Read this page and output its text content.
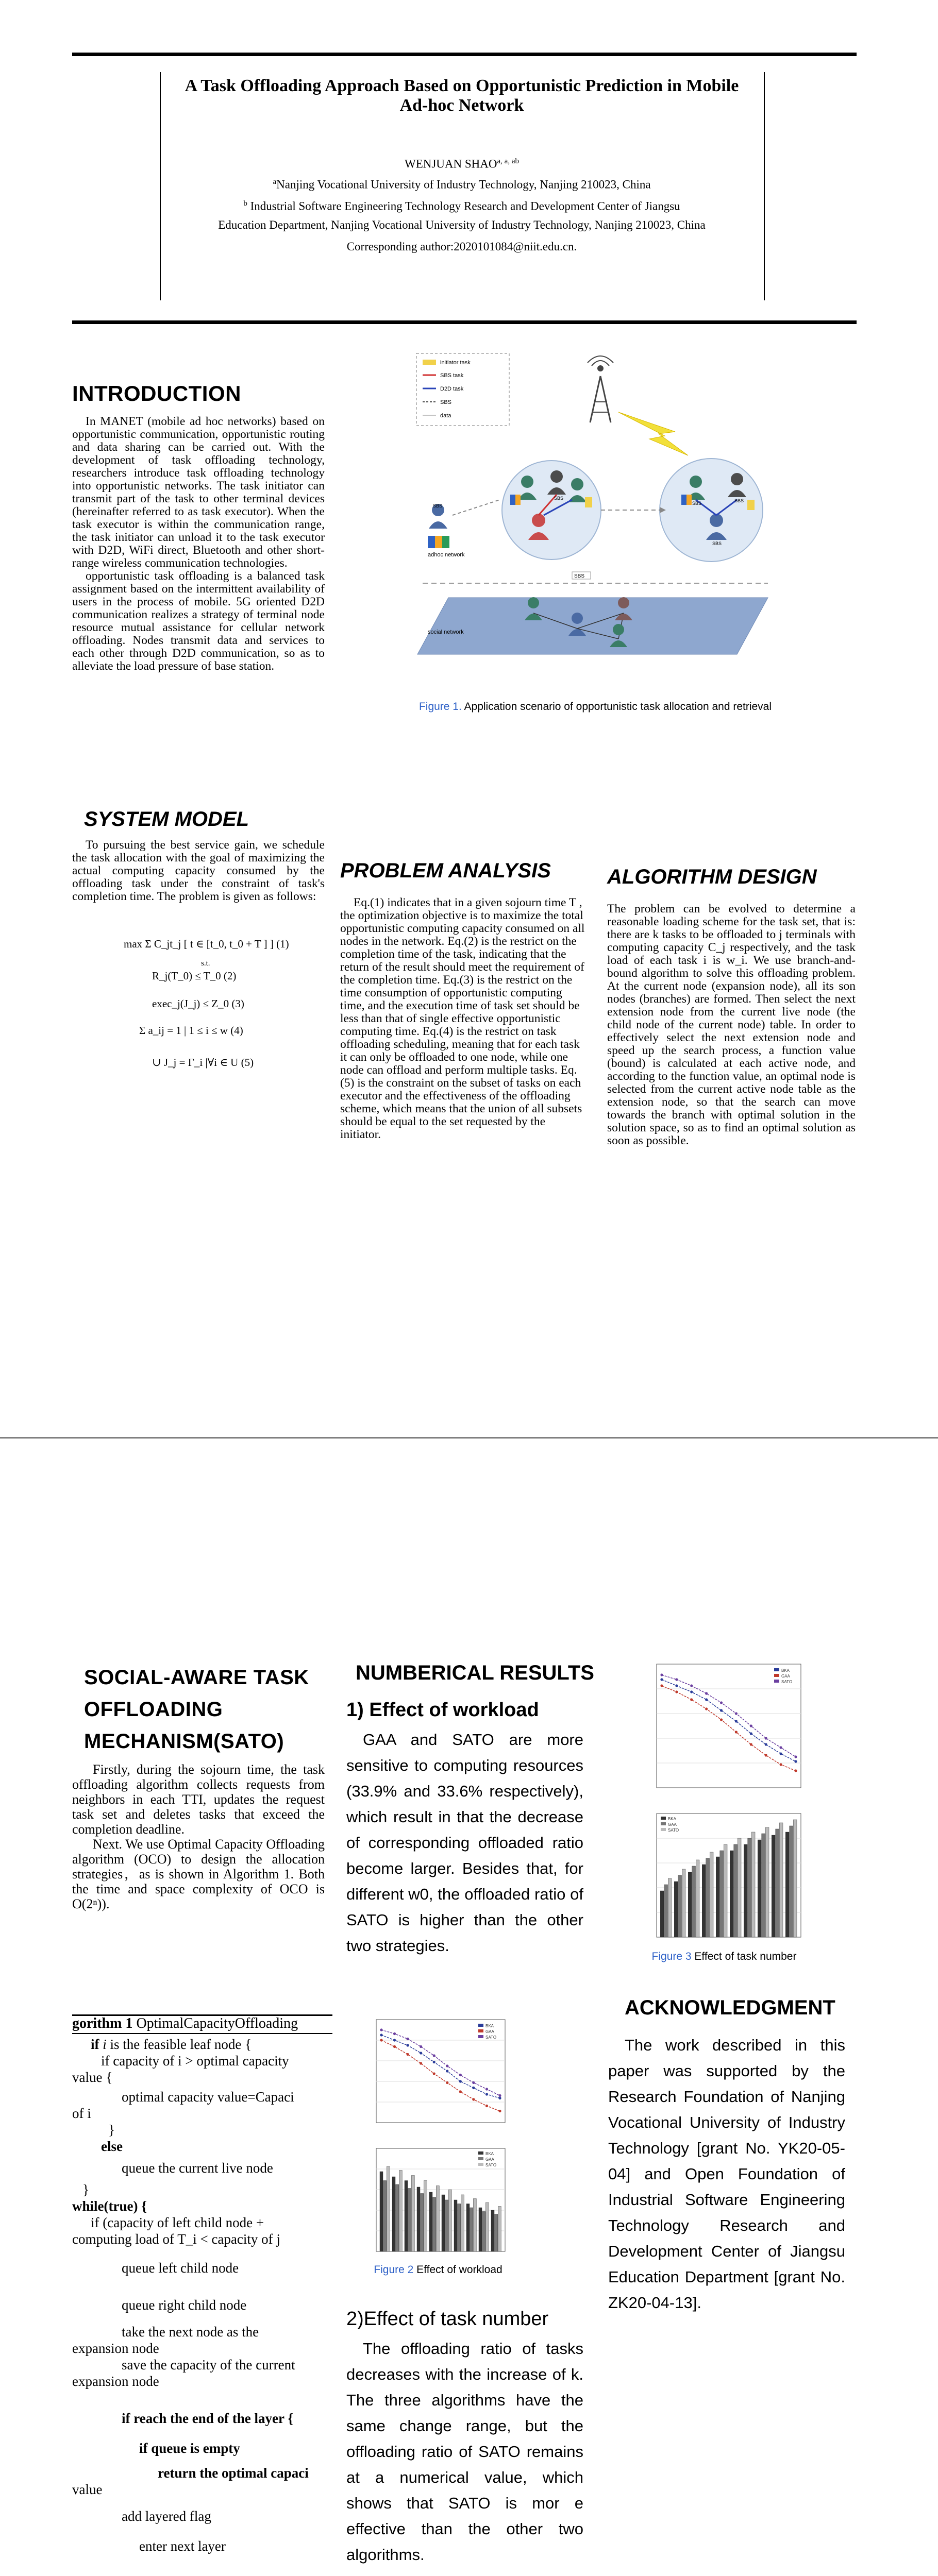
A Task Offloading Approach Based on Opportunistic Prediction in Mobile
Ad-hoc Network
WENJUAN $SHAO^{a, a, ab}$
$^a$Nanjing Vocational University of Industry Technology, Nanjing 210023, China
$^b$ Industrial Software Engineering Technology Research and Development Center of Jiangsu
Education Department, Nanjing Vocational University of Industry Technology, Nanjing 210023, China
Corresponding author:2020101084@niit.edu.cn.
INTRODUCTION

In MANET (mobile ad hoc networks) based on opportunistic communication, opportunistic routing and data sharing can be carried out. With the development of task offloading technology, researchers introduce task offloading technology into opportunistic networks. The task initiator can transmit part of the task to other terminal devices (hereinafter referred to as task executor). When the task executor is within the communication range, the task initiator can unload it to the task executor with D2D, WiFi direct, Bluetooth and other short-range wireless communication technologies.

opportunistic task offloading is a balanced task assignment based on the intermittent availability of users in the process of mobile. 5G oriented D2D communication realizes a strategy of terminal node resource mutual assistance for cellular network offloading. Nodes transmit data and services to each other through D2D communication, so as to alleviate the load pressure of base station.

initiator task
SBS task
D2D task
SBS
data
SBS
adhoc network
social network
SBS
SBS
SBS	SBS
SBS
Figure 1. Application scenario of opportunistic task allocation and retrieval
SYSTEM MODEL

To pursuing the best service gain, we schedule the task allocation with the goal of maximizing the actual computing capacity consumed by the offloading task under the constraint of task's completion time. The problem is given as follows:

max Σ C_jt_j [ t ∈ [t_0, t_0 + T ] ] (1)
s.t.
R_j(T_0) ≤ T_0 (2)
exec_j(J_j) ≤ Z_0 (3)
Σ a_ij = 1 | 1 ≤ i ≤ w (4)
∪ J_j = Γ_i |∀i ∈ U (5)
PROBLEM ANALYSIS

Eq.(1) indicates that in a given sojourn time T , the optimization objective is to maximize the total opportunistic computing capacity consumed on all nodes in the network. Eq.(2) is the restrict on the completion time of the task, indicating that the return of the result should meet the requirement of the completion time. Eq.(3) is the restrict on the time consumption of opportunistic computing time, and the execution time of task set should be less than that of single effective opportunistic computing time. Eq.(4) is the restrict on task offloading scheduling, meaning that for each task it can only be offloaded to one node, while one node can offload and perform multiple tasks. Eq.(5) is the constraint on the subset of tasks on each executor and the effectiveness of the offloading scheme, which means that the union of all subsets should be equal to the set requested by the initiator.

ALGORITHM DESIGN

The problem can be evolved to determine a reasonable loading scheme for the task set, that is: there are k tasks to be offloaded to j terminals with computing capacity C_j respectively, and the task load of each task i is w_i. We use branch-and-bound algorithm to solve this offloading problem. At the current node (expansion node), all its son nodes (branches) are formed. Then select the next extension node from the current live node (the child node of the current node) table. In order to effectively select the next extension node and speed up the search process, a function value (bound) is calculated at each active node, and according to the function value, an optimal node is selected from the current active node table as the extension node, so that the search can move towards the branch with optimal solution in the solution space, so as to find an optimal solution as soon as possible.

SOCIAL-AWARE TASK
OFFLOADING
MECHANISM(SATO)

Firstly, during the sojourn time, the task offloading algorithm collects requests from neighbors in each TTI, updates the request task set and deletes tasks that exceed the completion deadline.

Next. We use Optimal Capacity Offloading algorithm (OCO) to design the allocation strategies，as is shown in Algorithm 1. Both the time and space complexity of OCO is O(2ⁿ)).

gorithm 1 OptimalCapacityOffloading
if i is the feasible leaf node {
if capacity of i > optimal capacity
value {
optimal capacity value=Capaci
of i
}
else
queue the current live node
}
while(true) {
if (capacity of left child node +
computing load of T_i < capacity of j
queue left child node
queue right child node
take the next node as the
expansion node
save the capacity of the current
expansion node
if reach the end of the layer {
if queue is empty
return the optimal capaci
value
add layered flag
enter next layer
NUMBERICAL RESULTS
1) Effect of workload

GAA and SATO are more sensitive to computing resources (33.9% and 33.6% respectively), which result in that the decrease of corresponding offloaded ratio become larger. Besides that, for different w0, the offloaded ratio of SATO is higher than the other two strategies.

BKA
GAA
SATO
BKA
GAA
SATO
Figure 2 Effect of workload
2)Effect of task number

The offloading ratio of tasks decreases with the increase of k. The three algorithms have the same change range, but the offloading ratio of SATO remains at a numerical value, which shows that SATO is mor e effective than the other two algorithms.

BKA
GAA
SATO
BKA
GAA
SATO
Figure 3 Effect of task number
ACKNOWLEDGMENT

The work described in this paper was supported by the Research Foundation of Nanjing Vocational University of Industry Technology [grant No. YK20-05-04] and Open Foundation of Industrial Software Engineering Technology Research and Development Center of Jiangsu Education Department [grant No. ZK20-04-13].
